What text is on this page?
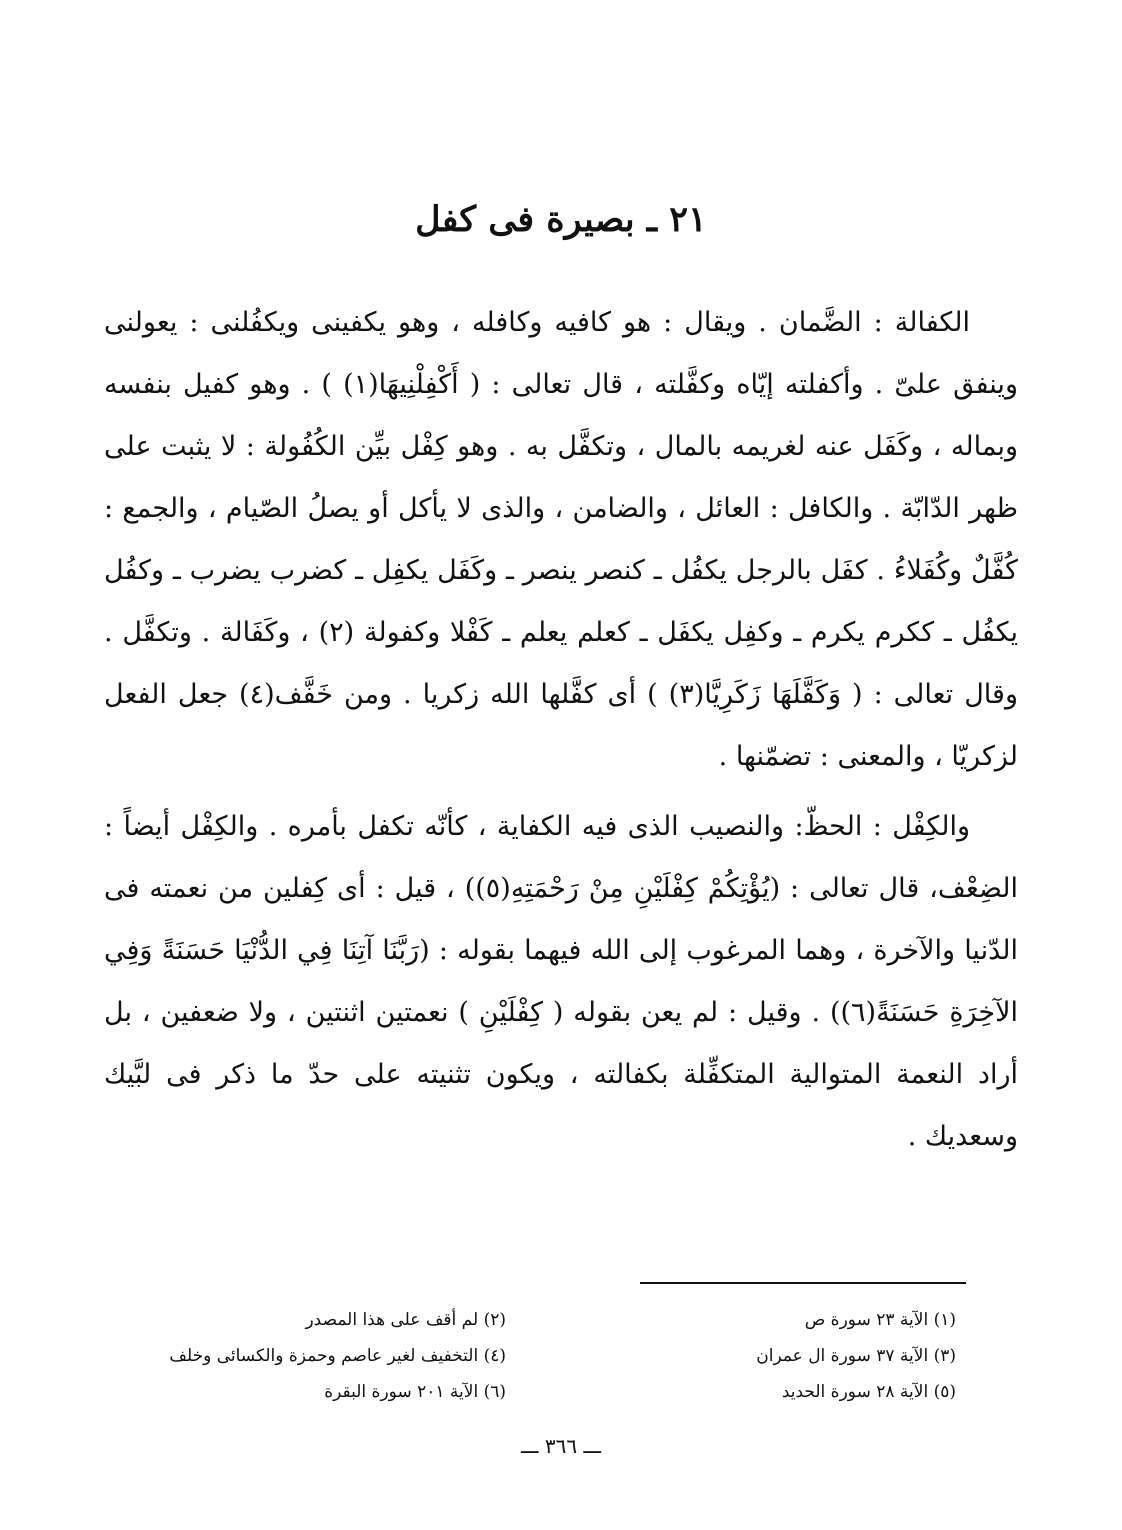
٢١ ـ بصيرة فى كفل

الكفالة : الضَّمان . ويقال : هو كافيه وكافله ، وهو يكفينى ويكفُلنى : يعولنى وينفق علىّ . وأكفلته إيّاه وكفَّلته ، قال تعالى : ( أَكْفِلْنِيهَا(١) ) . وهو كفيل بنفسه وبماله ، وكَفَل عنه لغريمه بالمال ، وتكفَّل به . وهو كِفْل بيِّن الكُفُولة : لا يثبت على ظهر الدّابّة . والكافل : العائل ، والضامن ، والذى لا يأكل أو يصلُ الصّيام ، والجمع : كُفَّلٌ وكُفَلاءُ . كفَل بالرجل يكفُل ـ كنصر ينصر ـ وكَفَل يكفِل ـ كضرب يضرب ـ وكفُل يكفُل ـ ككرم يكرم ـ وكفِل يكفَل ـ كعلم يعلم ـ كَفْلا وكفولة (٢) ، وكَفَالة . وتكفَّل . وقال تعالى : ( وَكَفَّلَهَا زَكَرِيَّا(٣) ) أى كفَّلها الله زكريا . ومن خَفَّف(٤) جعل الفعل لزكريّا ، والمعنى : تضمّنها .

والكِفْل : الحظّ: والنصيب الذى فيه الكفاية ، كأنّه تكفل بأمره . والكِفْل أيضاً : الضِعْف، قال تعالى : (يُؤْتِكُمْ كِفْلَيْنِ مِنْ رَحْمَتِهِ(٥)) ، قيل : أى كِفلين من نعمته فى الدّنيا والآخرة ، وهما المرغوب إلى الله فيهما بقوله : (رَبَّنَا آتِنَا فِي الدُّنْيَا حَسَنَةً وَفِي الآخِرَةِ حَسَنَةً(٦)) . وقيل : لم يعن بقوله ( كِفْلَيْنِ ) نعمتين اثنتين ، ولا ضعفين ، بل أراد النعمة المتوالية المتكفِّلة بكفالته ، ويكون تثنيته على حدّ ما ذكر فى لبَّيك وسعديك .

(١) الآية ٢٣ سورة ص
(٣) الآية ٣٧ سورة ال عمران
(٥) الآية ٢٨ سورة الحديد
(٢) لم أقف على هذا المصدر
(٤) التخفيف لغير عاصم وحمزة والكسائى وخلف
(٦) الآية ٢٠١ سورة البقرة
ـــ ٣٦٦ ـــ
